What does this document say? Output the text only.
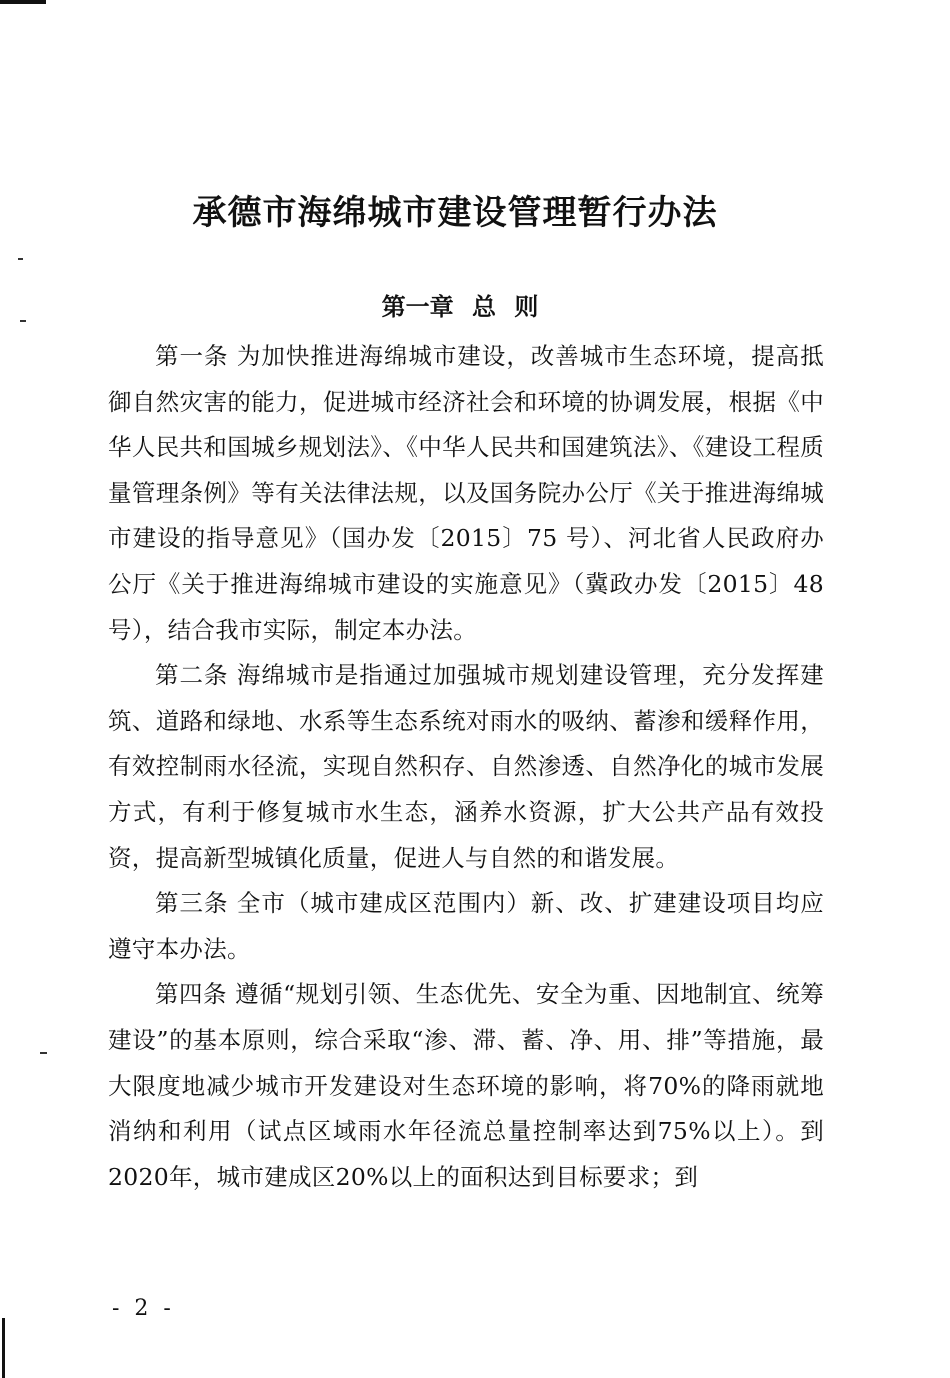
承德市海绵城市建设管理暂行办法
第一章 总 则

第一条 为加快推进海绵城市建设，改善城市生态环境，提高抵御自然灾害的能力，促进城市经济社会和环境的协调发展，根据《中华人民共和国城乡规划法》、《中华人民共和国建筑法》、《建设工程质量管理条例》等有关法律法规，以及国务院办公厅《关于推进海绵城市建设的指导意见》（国办发〔2015〕75 号）、河北省人民政府办公厅《关于推进海绵城市建设的实施意见》（冀政办发〔2015〕48号），结合我市实际，制定本办法。

第二条 海绵城市是指通过加强城市规划建设管理，充分发挥建筑、道路和绿地、水系等生态系统对雨水的吸纳、蓄渗和缓释作用，有效控制雨水径流，实现自然积存、自然渗透、自然净化的城市发展方式，有利于修复城市水生态，涵养水资源，扩大公共产品有效投资，提高新型城镇化质量，促进人与自然的和谐发展。

第三条 全市（城市建成区范围内）新、改、扩建建设项目均应遵守本办法。

第四条 遵循“规划引领、生态优先、安全为重、因地制宜、统筹建设”的基本原则，综合采取“渗、滞、蓄、净、用、排”等措施，最大限度地减少城市开发建设对生态环境的影响，将70%的降雨就地消纳和利用（试点区域雨水年径流总量控制率达到75%以上）。到2020年，城市建成区20%以上的面积达到目标要求；到

- 2 -
